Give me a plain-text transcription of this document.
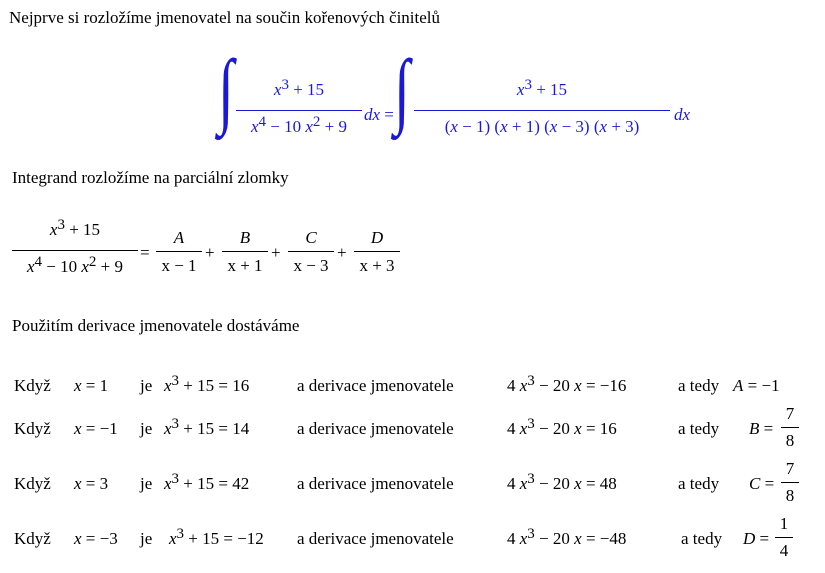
Nejprve si rozložíme jmenovatel na součin kořenových činitelů
∫	$x^3 + 15$
$x^4 - 10$ $x^2 + 9$
dx = ∫	$x^3 + 15$
(x − 1) (x + 1) (x − 3) (x + 3)
dx
Integrand rozložíme na parciální zlomky
$x^3 + 15$
$x^4 - 10$ $x^2 + 9$
=
A
x − 1
+
B
x + 1
+
C
x − 3
+
D
x + 3
Použitím derivace jmenovatele dostáváme
Když x = 1 je $x^3 + 15 = 16$	a derivace jmenovatele	4 $x^3 - 20$ x = −16	a tedy A = −1
Když x = −1 je $x^3 + 15 = 14$	a derivace jmenovatele	4 $x^3 - 20$ x = 16	a tedy B =
7
8
Když x = 3 je $x^3 + 15 = 42$	a derivace jmenovatele	4 $x^3 - 20$ x = 48	a tedy C =
7
8
Když x = −3 je $x^3 + 15 = -12$ a derivace jmenovatele	4 $x^3 - 20$ x = −48	a tedy D =
1
4
